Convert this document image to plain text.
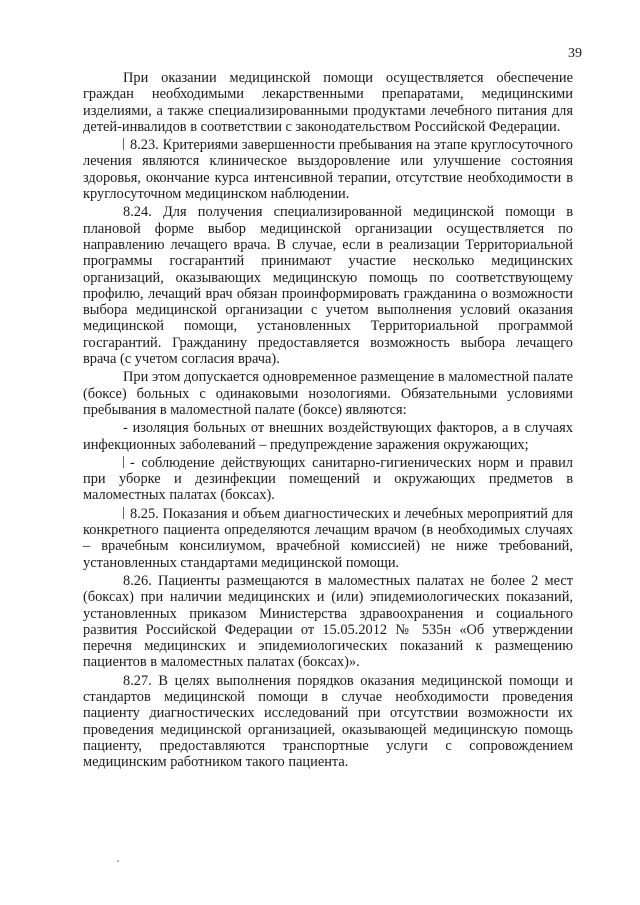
39

При оказании медицинской помощи осуществляется обеспечение граждан необходимыми лекарственными препаратами, медицинскими изделиями, а также специализированными продуктами лечебного питания для детей-инвалидов в соответствии с законодательством Российской Федерации.

8.23. Критериями завершенности пребывания на этапе круглосуточного лечения являются клиническое выздоровление или улучшение состояния здоровья, окончание курса интенсивной терапии, отсутствие необходимости в круглосуточном медицинском наблюдении.

8.24. Для получения специализированной медицинской помощи в плановой форме выбор медицинской организации осуществляется по направлению лечащего врача. В случае, если в реализации Территориальной программы госгарантий принимают участие несколько медицинских организаций, оказывающих медицинскую помощь по соответствующему профилю, лечащий врач обязан проинформировать гражданина о возможности выбора медицинской организации с учетом выполнения условий оказания медицинской помощи, установленных Территориальной программой госгарантий. Гражданину предоставляется возможность выбора лечащего врача (с учетом согласия врача).

При этом допускается одновременное размещение в маломестной палате (боксе) больных с одинаковыми нозологиями. Обязательными условиями пребывания в маломестной палате (боксе) являются:

- изоляция больных от внешних воздействующих факторов, а в случаях инфекционных заболеваний – предупреждение заражения окружающих;

- соблюдение действующих санитарно-гигиенических норм и правил при уборке и дезинфекции помещений и окружающих предметов в маломестных палатах (боксах).

8.25. Показания и объем диагностических и лечебных мероприятий для конкретного пациента определяются лечащим врачом (в необходимых случаях – врачебным консилиумом, врачебной комиссией) не ниже требований, установленных стандартами медицинской помощи.

8.26. Пациенты размещаются в маломестных палатах не более 2 мест (боксах) при наличии медицинских и (или) эпидемиологических показаний, установленных приказом Министерства здравоохранения и социального развития Российской Федерации от 15.05.2012 № 535н «Об утверждении перечня медицинских и эпидемиологических показаний к размещению пациентов в маломестных палатах (боксах)».

8.27. В целях выполнения порядков оказания медицинской помощи и стандартов медицинской помощи в случае необходимости проведения пациенту диагностических исследований при отсутствии возможности их проведения медицинской организацией, оказывающей медицинскую помощь пациенту, предоставляются транспортные услуги с сопровождением медицинским работником такого пациента.
